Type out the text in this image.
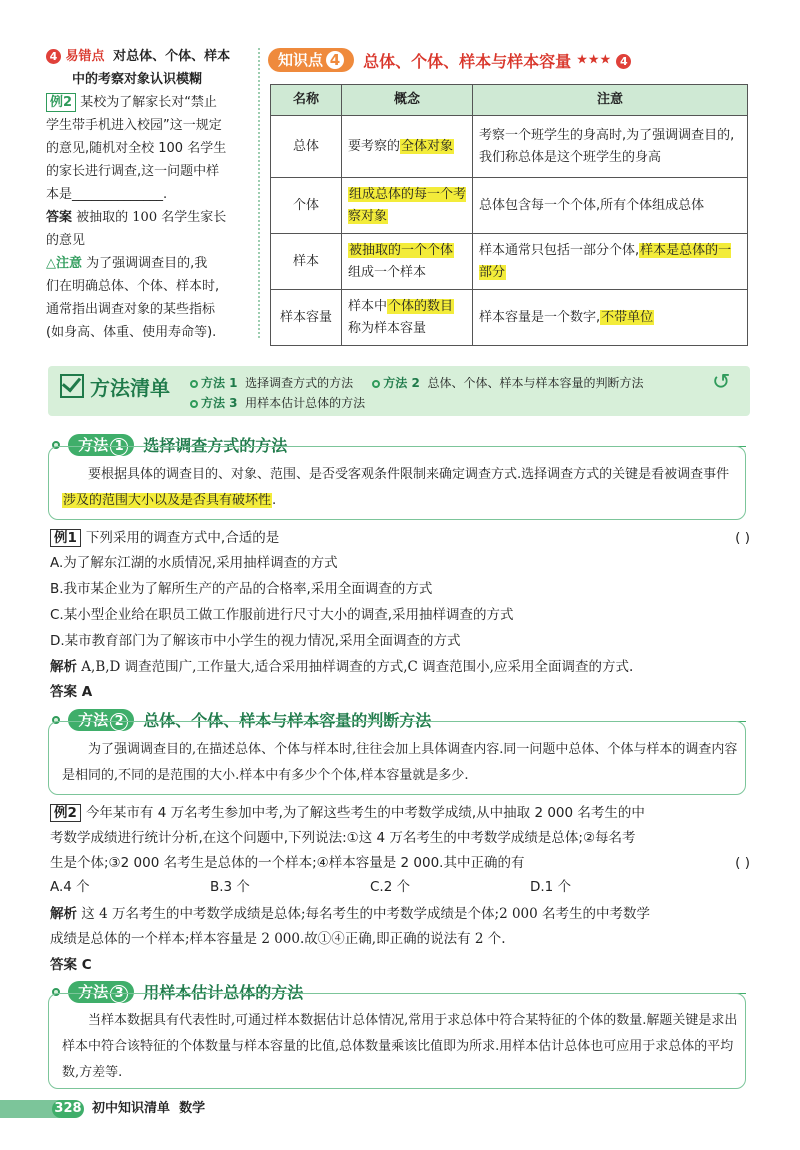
4 易错点 对总体、个体、样本
中的考察对象认识模糊
例2 某校为了解家长对“禁止
学生带手机进入校园”这一规定
的意见,随机对全校 100 名学生
的家长进行调查,这一问题中样
本是______________.
答案 被抽取的 100 名学生家长
的意见
△注意 为了强调调查目的,我
们在明确总体、个体、样本时,
通常指出调查对象的某些指标
(如身高、体重、使用寿命等).
知识点 4 总体、个体、样本与样本容量 ★★★ 4
名称	概念	注意
总体	要考察的全体对象	考察一个班学生的身高时,为了强调调查目的,我们称总体是这个班学生的身高
个体	组成总体的每一个考察对象	总体包含每一个个体,所有个体组成总体
样本	被抽取的一个个体组成一个样本	样本通常只包括一部分个体,样本是总体的一部分
样本容量	样本中个体的数目称为样本容量	样本容量是一个数字,不带单位
方法清单	方法 1 选择调查方式的方法	方法 2 总体、个体、样本与样本容量的判断方法
方法 3 用样本估计总体的方法
↺
方法 1 选择调查方式的方法
要根据具体的调查目的、对象、范围、是否受客观条件限制来确定调查方式.选择调查方式的关键是看被调查事件涉及的范围大小以及是否具有破坏性.
例1 下列采用的调查方式中,合适的是	( )
A.为了解东江湖的水质情况,采用抽样调查的方式
B.我市某企业为了解所生产的产品的合格率,采用全面调查的方式
C.某小型企业给在职员工做工作服前进行尺寸大小的调查,采用抽样调查的方式
D.某市教育部门为了解该市中小学生的视力情况,采用全面调查的方式
解析 A,B,D 调查范围广,工作量大,适合采用抽样调查的方式,C 调查范围小,应采用全面调查的方式.
答案 A
方法 2 总体、个体、样本与样本容量的判断方法
为了强调调查目的,在描述总体、个体与样本时,往往会加上具体调查内容.同一问题中总体、个体与样本的调查内容是相同的,不同的是范围的大小.样本中有多少个个体,样本容量就是多少.
例2 今年某市有 4 万名考生参加中考,为了解这些考生的中考数学成绩,从中抽取 2 000 名考生的中
考数学成绩进行统计分析,在这个问题中,下列说法:①这 4 万名考生的中考数学成绩是总体;②每名考
生是个体;③2 000 名考生是总体的一个样本;④样本容量是 2 000.其中正确的有	( )
A.4 个	B.3 个	C.2 个	D.1 个
解析 这 4 万名考生的中考数学成绩是总体;每名考生的中考数学成绩是个体;2 000 名考生的中考数学
成绩是总体的一个样本;样本容量是 2 000.故①④正确,即正确的说法有 2 个.
答案 C
方法 3 用样本估计总体的方法
当样本数据具有代表性时,可通过样本数据估计总体情况,常用于求总体中符合某特征的个体的数量.解题关键是求出样本中符合该特征的个体数量与样本容量的比值,总体数量乘该比值即为所求.用样本估计总体也可应用于求总体的平均数,方差等.
328 初中知识清单 数学
